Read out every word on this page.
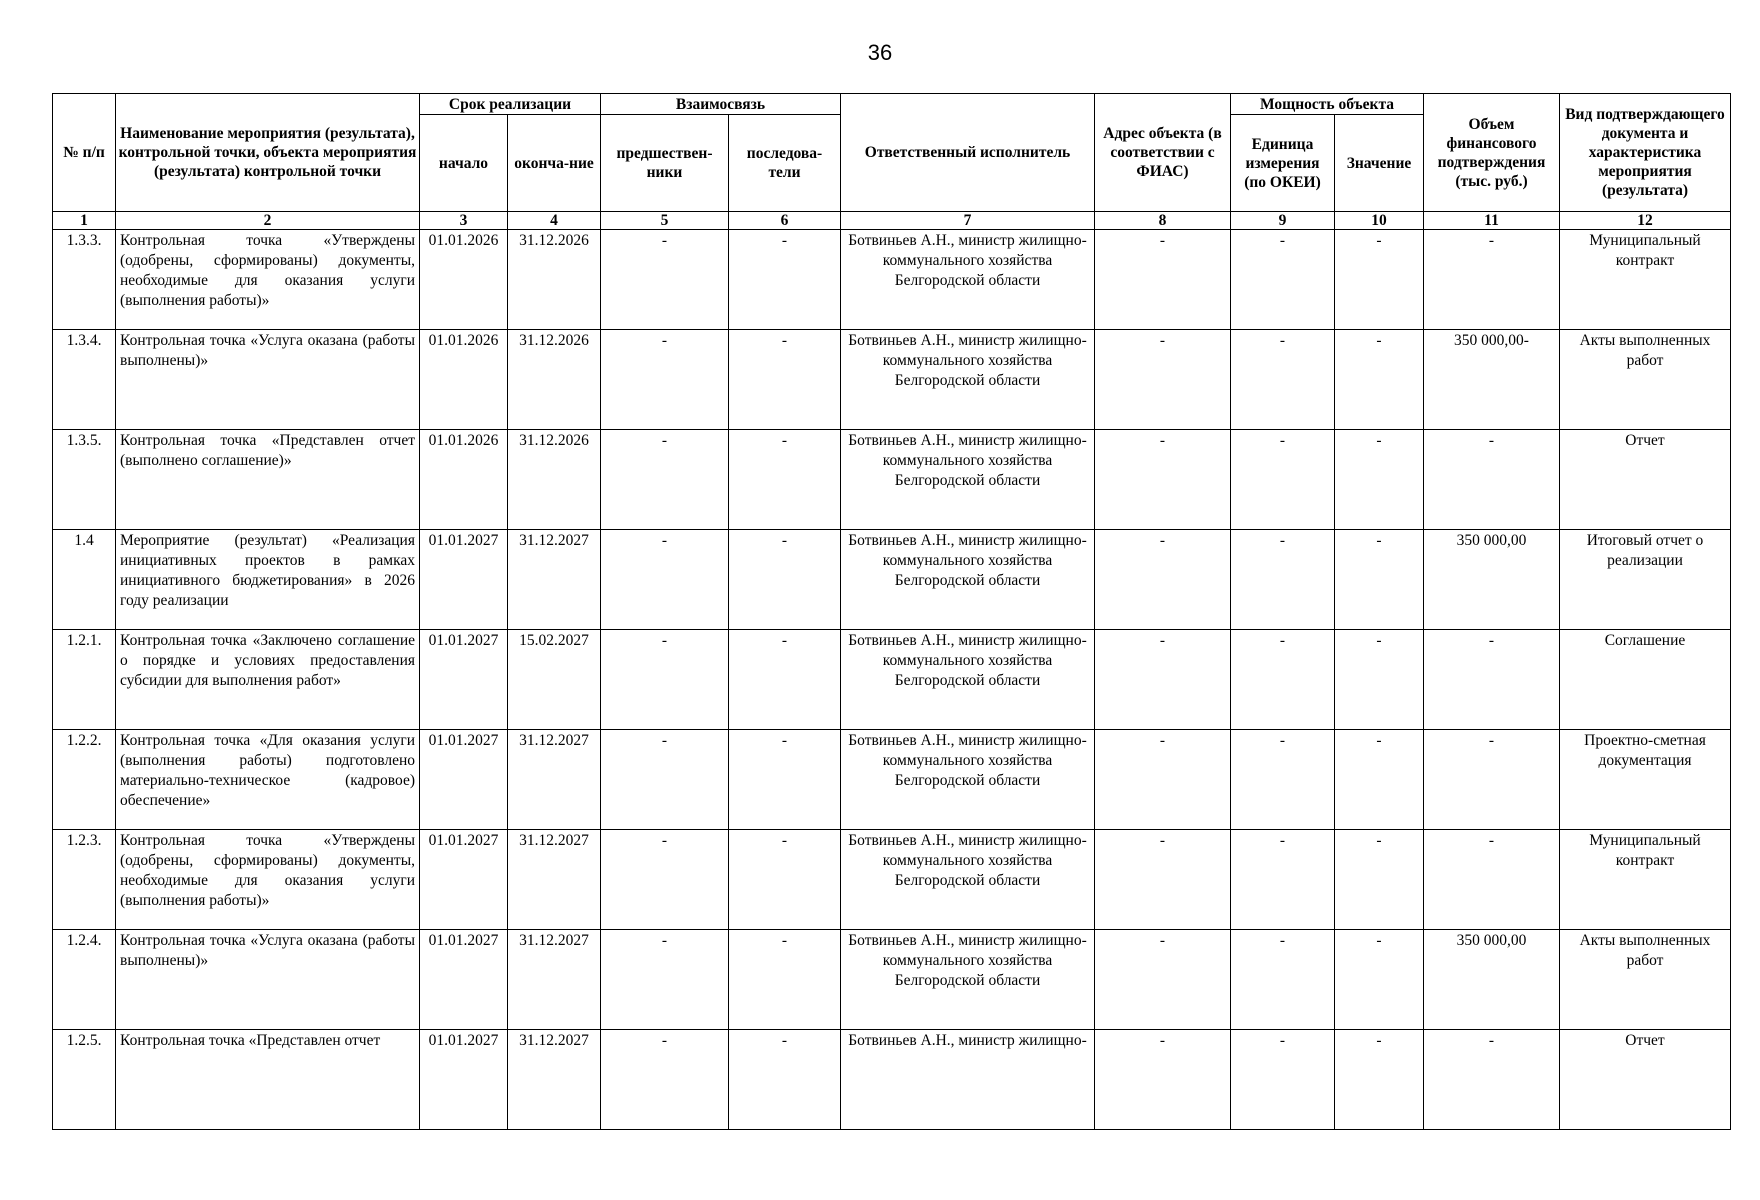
36
№ п/п	Наименование мероприятия (результата), контрольной точки, объекта мероприятия (результата) контрольной точки	Срок реализации		Взаимосвязь		Ответственный исполнитель	Адрес объекта (в соответствии с ФИАС)	Мощность объекта		Объем финансового подтверждения (тыс. руб.)	Вид подтверждающего документа и характеристика мероприятия (результата)
		начало	оконча-ние	предшествен-ники	последова-тели			Единица измерения (по ОКЕИ)	Значение		
1	2	3	4	5	6	7	8	9	10	11	12
1.3.3.	Контрольная точка «Утверждены (одобрены, сформированы) документы, необходимые для оказания услуги (выполнения работы)»	01.01.2026	31.12.2026	-	-	Ботвиньев А.Н., министр жилищно-коммунального хозяйства Белгородской области	-	-	-	-	Муниципальный контракт
1.3.4.	Контрольная точка «Услуга оказана (работы выполнены)»	01.01.2026	31.12.2026	-	-	Ботвиньев А.Н., министр жилищно-коммунального хозяйства Белгородской области	-	-	-	350 000,00-	Акты выполненных работ
1.3.5.	Контрольная точка «Представлен отчет (выполнено соглашение)»	01.01.2026	31.12.2026	-	-	Ботвиньев А.Н., министр жилищно-коммунального хозяйства Белгородской области	-	-	-	-	Отчет
1.4	Мероприятие (результат) «Реализация инициативных проектов в рамках инициативного бюджетирования» в 2026 году реализации	01.01.2027	31.12.2027	-	-	Ботвиньев А.Н., министр жилищно-коммунального хозяйства Белгородской области	-	-	-	350 000,00	Итоговый отчет о реализации
1.2.1.	Контрольная точка «Заключено соглашение о порядке и условиях предоставления субсидии для выполнения работ»	01.01.2027	15.02.2027	-	-	Ботвиньев А.Н., министр жилищно-коммунального хозяйства Белгородской области	-	-	-	-	Соглашение
1.2.2.	Контрольная точка «Для оказания услуги (выполнения работы) подготовлено материально-техническое (кадровое) обеспечение»	01.01.2027	31.12.2027	-	-	Ботвиньев А.Н., министр жилищно-коммунального хозяйства Белгородской области	-	-	-	-	Проектно-сметная документация
1.2.3.	Контрольная точка «Утверждены (одобрены, сформированы) документы, необходимые для оказания услуги (выполнения работы)»	01.01.2027	31.12.2027	-	-	Ботвиньев А.Н., министр жилищно-коммунального хозяйства Белгородской области	-	-	-	-	Муниципальный контракт
1.2.4.	Контрольная точка «Услуга оказана (работы выполнены)»	01.01.2027	31.12.2027	-	-	Ботвиньев А.Н., министр жилищно-коммунального хозяйства Белгородской области	-	-	-	350 000,00	Акты выполненных работ
1.2.5.	Контрольная точка «Представлен отчет	01.01.2027	31.12.2027	-	-	Ботвиньев А.Н., министр жилищно-	-	-	-	-	Отчет
